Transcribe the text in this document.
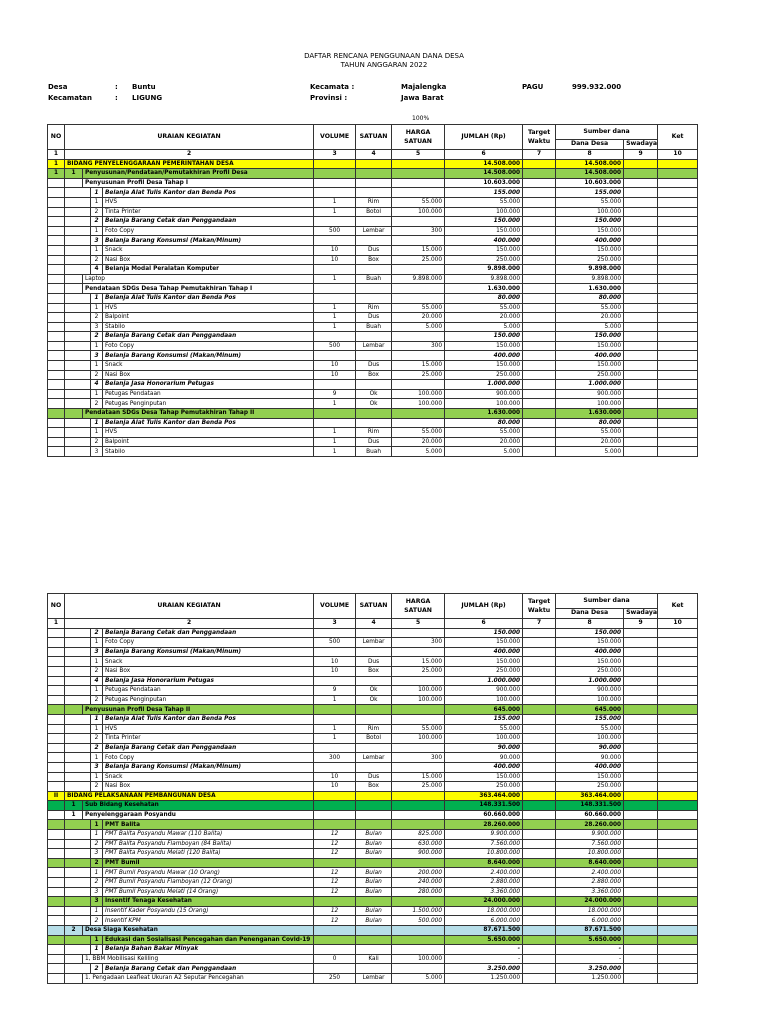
DAFTAR RENCANA PENGGUNAAN DANA DESA
TAHUN ANGGARAN 2022
Desa	: Buntu
Kecamatan	: LIGUNG
Kecamata :	Majalengka
Provinsi :	Jawa Barat
PAGU	999.932.000
100%
NO	URAIAN KEGIATAN				VOLUME	SATUAN	HARGA SATUAN	JUMLAH (Rp)	Target Waktu	Sumber dana		Ket
										Dana Desa	Swadaya	
1	2				3	4	5	6	7	8	9	10
1	BIDANG PENYELENGGARAAN PEMERINTAHAN DESA							14.508.000		14.508.000		
1	1	Penyusunan/Pendataan/Pemutakhiran Profil Desa						14.508.000		14.508.000		
		Penyusunan Profil Desa Tahap I						10.603.000		10.603.000		
			1	Belanja Alat Tulis Kantor dan Benda Pos				155.000		155.000		
			1	HVS	1	Rim	55.000	55.000		55.000		
			2	Tinta Printer	1	Botol	100.000	100.000		100.000		
			2	Belanja Barang Cetak dan Penggandaan				150.000		150.000		
			1	Foto Copy	500	Lembar	300	150.000		150.000		
			3	Belanja Barang Konsumsi (Makan/Minum)				400.000		400.000		
			1	Snack	10	Dus	15.000	150.000		150.000		
			2	Nasi Box	10	Box	25.000	250.000		250.000		
			4	Belanja Modal Peralatan Komputer				9.898.000		9.898.000		
		Laptop			1	Buah	9.898.000	9.898.000		9.898.000		
		Pendataan SDGs Desa Tahap Pemutakhiran Tahap I						1.630.000		1.630.000		
			1	Belanja Alat Tulis Kantor dan Benda Pos				80.000		80.000		
			1	HVS	1	Rim	55.000	55.000		55.000		
			2	Balpoint	1	Dus	20.000	20.000		20.000		
			3	Stabilo	1	Buah	5.000	5.000		5.000		
			2	Belanja Barang Cetak dan Penggandaan				150.000		150.000		
			1	Foto Copy	500	Lembar	300	150.000		150.000		
			3	Belanja Barang Konsumsi (Makan/Minum)				400.000		400.000		
			1	Snack	10	Dus	15.000	150.000		150.000		
			2	Nasi Box	10	Box	25.000	250.000		250.000		
			4	Belanja Jasa Honorarium Petugas				1.000.000		1.000.000		
			1	Petugas Pendataan	9	Ok	100.000	900.000		900.000		
			2	Petugas Penginputan	1	Ok	100.000	100.000		100.000		
		Pendataan SDGs Desa Tahap Pemutakhiran Tahap II						1.630.000		1.630.000		
			1	Belanja Alat Tulis Kantor dan Benda Pos				80.000		80.000		
			1	HVS	1	Rim	55.000	55.000		55.000		
			2	Balpoint	1	Dus	20.000	20.000		20.000		
			3	Stabilo	1	Buah	5.000	5.000		5.000		
NO	URAIAN KEGIATAN				VOLUME	SATUAN	HARGA SATUAN	JUMLAH (Rp)	Target Waktu	Sumber dana		Ket
										Dana Desa	Swadaya	
1	2				3	4	5	6	7	8	9	10
			2	Belanja Barang Cetak dan Penggandaan				150.000		150.000		
			1	Foto Copy	500	Lembar	300	150.000		150.000		
			3	Belanja Barang Konsumsi (Makan/Minum)				400.000		400.000		
			1	Snack	10	Dus	15.000	150.000		150.000		
			2	Nasi Box	10	Box	25.000	250.000		250.000		
			4	Belanja Jasa Honorarium Petugas				1.000.000		1.000.000		
			1	Petugas Pendataan	9	Ok	100.000	900.000		900.000		
			2	Petugas Penginputan	1	Ok	100.000	100.000		100.000		
		Penyusunan Profil Desa Tahap II						645.000		645.000		
			1	Belanja Alat Tulis Kantor dan Benda Pos				155.000		155.000		
			1	HVS	1	Rim	55.000	55.000		55.000		
			2	Tinta Printer	1	Botol	100.000	100.000		100.000		
			2	Belanja Barang Cetak dan Penggandaan				90.000		90.000		
			1	Foto Copy	300	Lembar	300	90.000		90.000		
			3	Belanja Barang Konsumsi (Makan/Minum)				400.000		400.000		
			1	Snack	10	Dus	15.000	150.000		150.000		
			2	Nasi Box	10	Box	25.000	250.000		250.000		
II	BIDANG PELAKSANAAN PEMBANGUNAN DESA							363.464.000		363.464.000		
	1	Sub Bidang Kesehatan						148.331.500		148.331.500		
	1	Penyelenggaraan Posyandu						60.660.000		60.660.000		
			1	PMT Balita				28.260.000		28.260.000		
			1	PMT Balita Posyandu Mawar (110 Balita)	12	Bulan	825.000	9.900.000		9.900.000		
			2	PMT Balita Posyandu Flamboyan (84 Balita)	12	Bulan	630.000	7.560.000		7.560.000		
			3	PMT Balita Posyandu Melati (120 Balita)	12	Bulan	900.000	10.800.000		10.800.000		
			2	PMT Bumil				8.640.000		8.640.000		
			1	PMT Bumil Posyandu Mawar (10 Orang)	12	Bulan	200.000	2.400.000		2.400.000		
			2	PMT Bumil Posyandu Flamboyan (12 Orang)	12	Bulan	240.000	2.880.000		2.880.000		
			3	PMT Bumil Posyandu Melati (14 Orang)	12	Bulan	280.000	3.360.000		3.360.000		
			3	Insentif Tenaga Kesehatan				24.000.000		24.000.000		
			1	Insentif Kader Posyandu (15 Orang)	12	Bulan	1.500.000	18.000.000		18.000.000		
			2	Insentif KPM	12	Bulan	500.000	6.000.000		6.000.000		
	2	Desa Siaga Kesehatan						87.671.500		87.671.500		
			1	Edukasi dan Sosialisasi Pencegahan dan Penenganan Covid-19				5.650.000		5.650.000		
			1	Belanja Bahan Bakar Minyak				-		-		
		1, BBM Mobilisasi Keliling			0	Kali	100.000	-		-		
			2	Belanja Barang Cetak dan Penggandaan				3.250.000		3.250.000		
		1. Pengadaan Leafleat Ukuran A2 Seputar Pencegahan			250	Lembar	5.000	1.250.000		1.250.000		
